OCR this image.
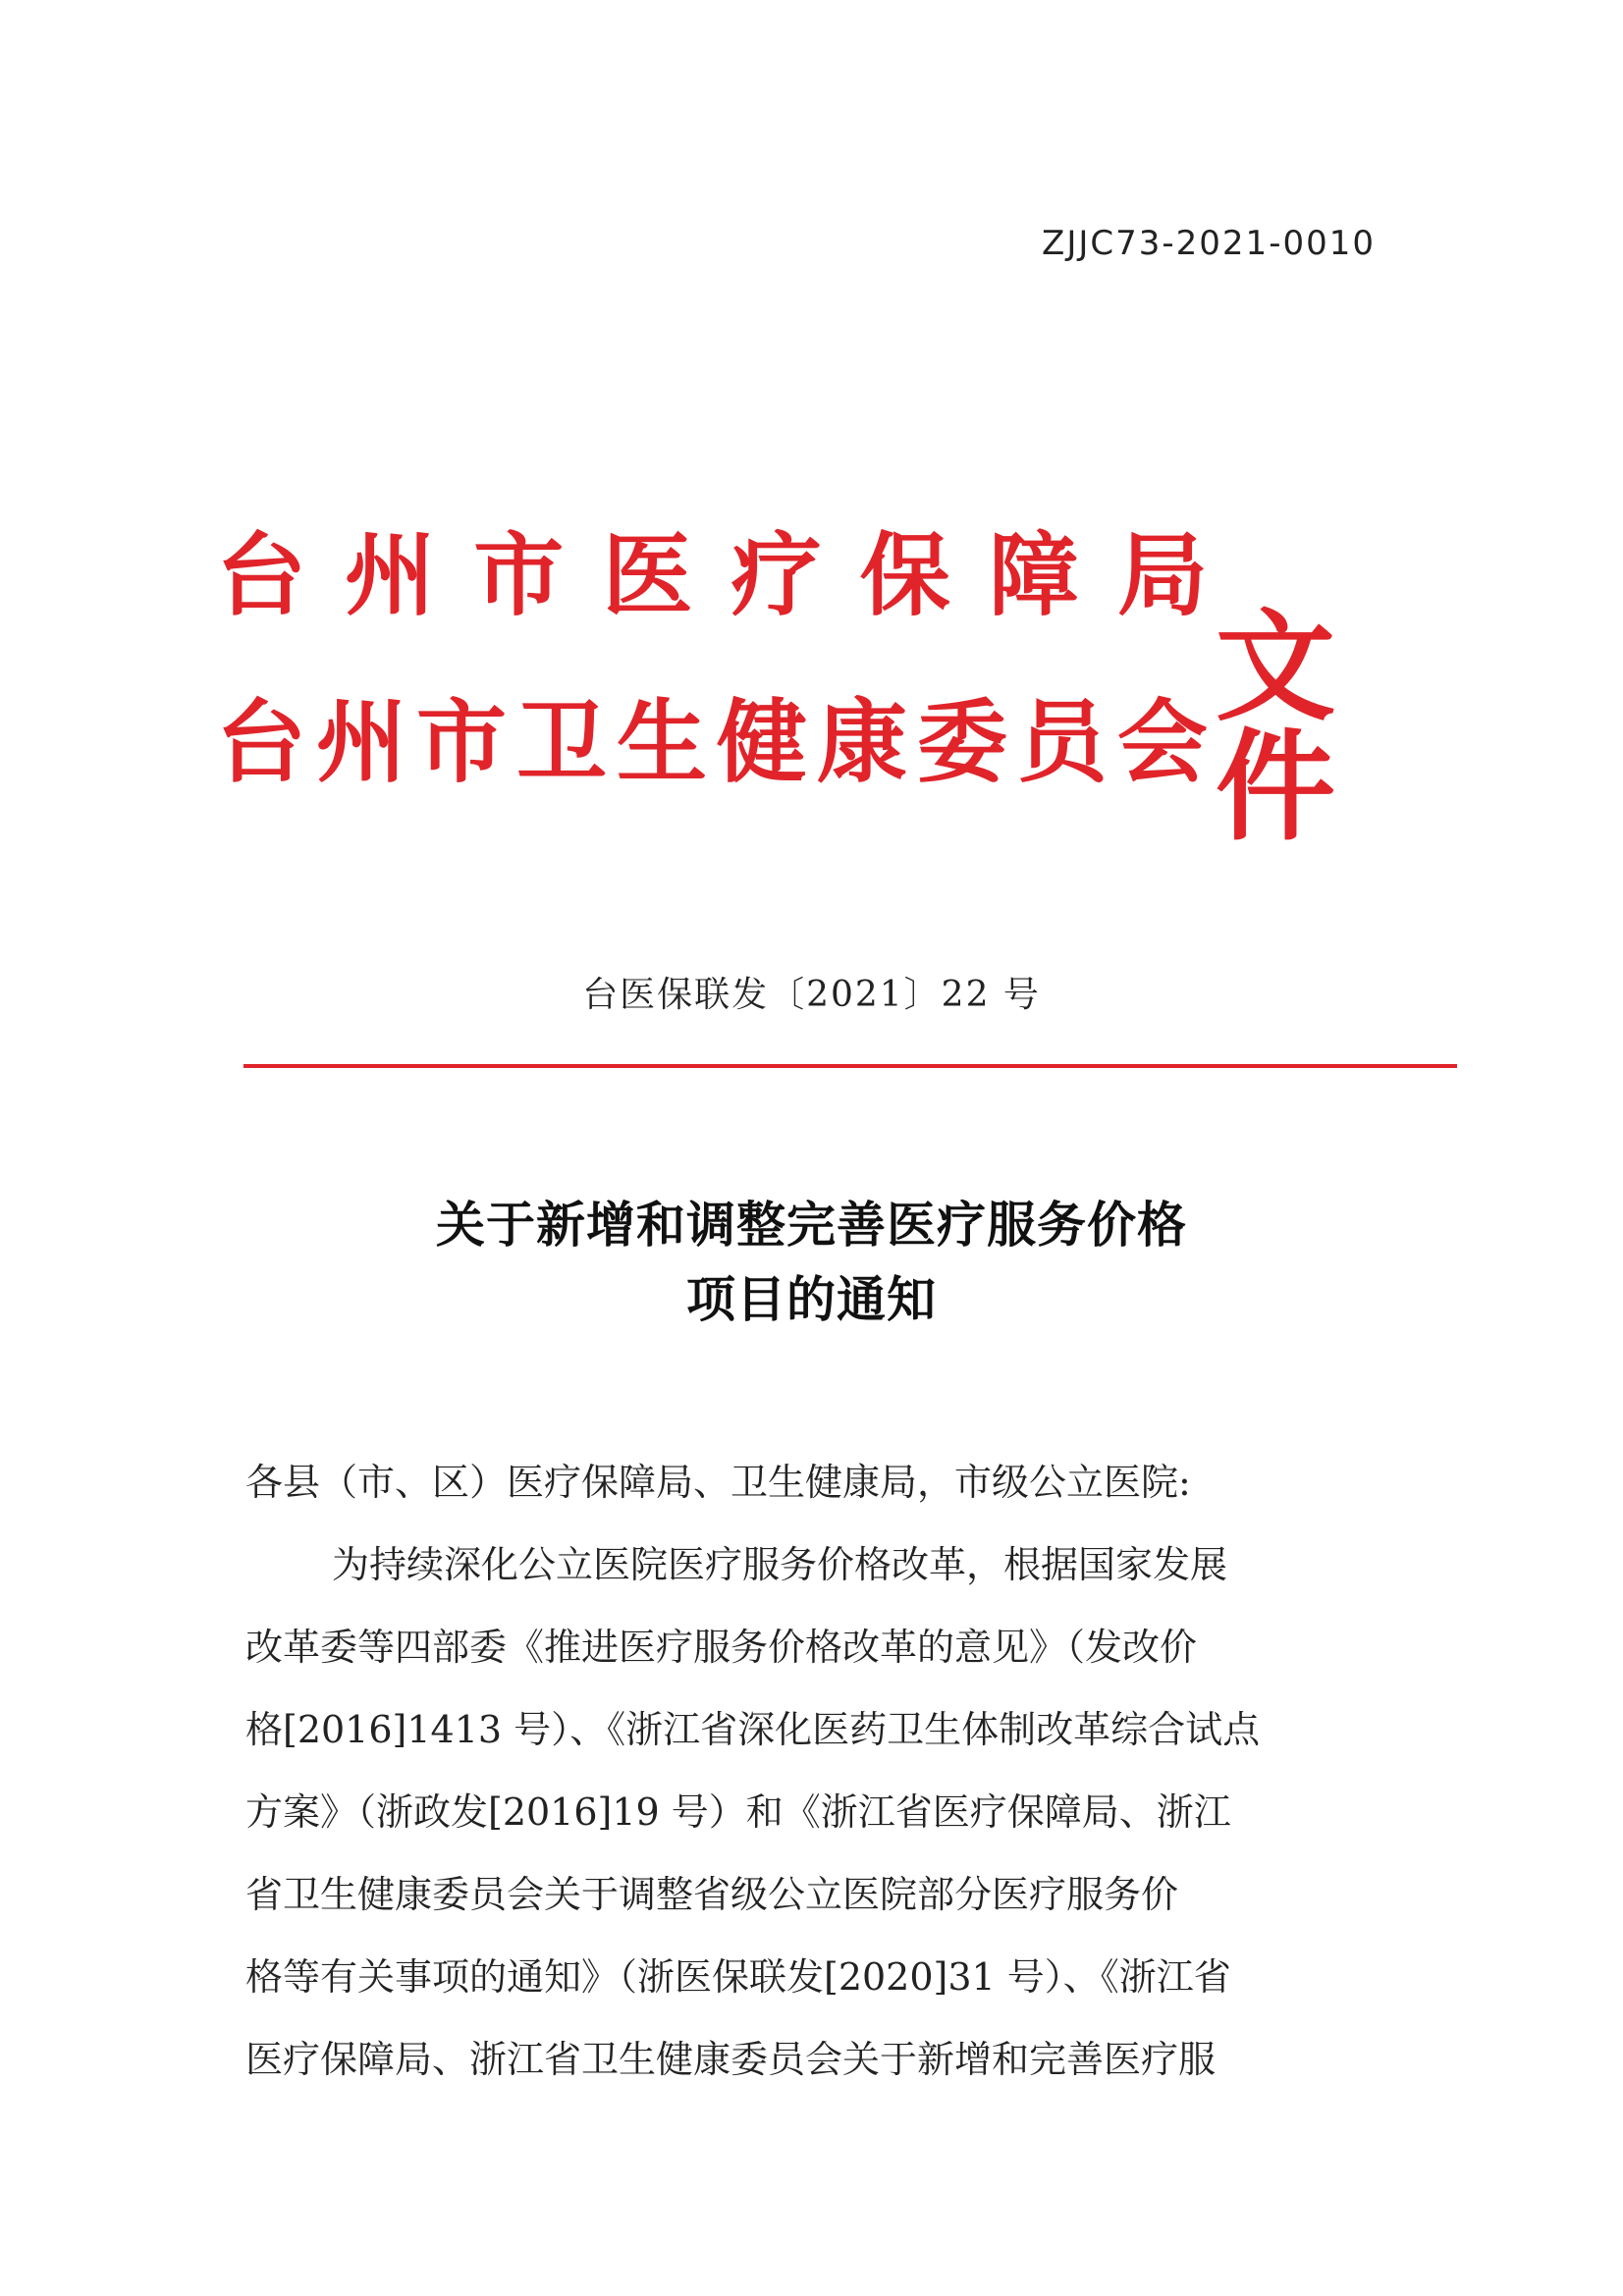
ZJJC73-2021-0010
台 州 市 医 疗 保 障 局
台 州 市 卫 生 健 康 委 员 会
文件
台医保联发〔2021〕22 号
关于新增和调整完善医疗服务价格
项目的通知

各县（市、区）医疗保障局、卫生健康局，市级公立医院:

为持续深化公立医院医疗服务价格改革，根据国家发展

改革委等四部委《推进医疗服务价格改革的意见》（发改价

格[2016]1413 号）、《浙江省深化医药卫生体制改革综合试点

方案》（浙政发[2016]19 号）和《浙江省医疗保障局、浙江

省卫生健康委员会关于调整省级公立医院部分医疗服务价

格等有关事项的通知》（浙医保联发[2020]31 号）、《浙江省

医疗保障局、浙江省卫生健康委员会关于新增和完善医疗服
